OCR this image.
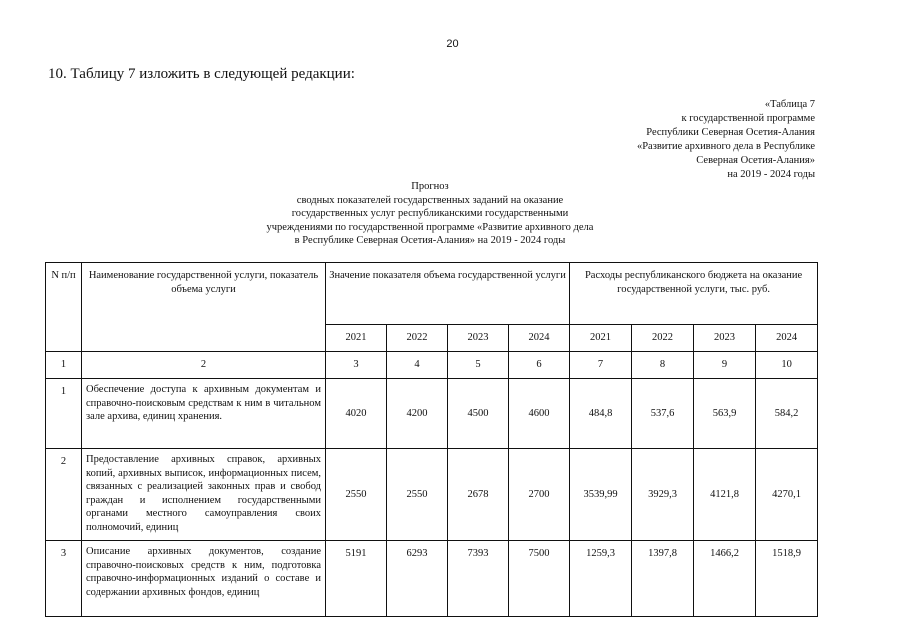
20
10. Таблицу 7 изложить в следующей редакции:
«Таблица 7
к государственной программе
Республики Северная Осетия-Алания
«Развитие архивного дела в Республике
Северная Осетия-Алания»
на 2019 - 2024 годы
Прогноз
сводных показателей государственных заданий на оказание
государственных услуг республиканскими государственными
учреждениями по государственной программе «Развитие архивного дела
в Республике Северная Осетия-Алания» на 2019 - 2024 годы
N п/п	Наименование государственной услуги, показатель объема услуги	Значение показателя объема государственной услуги				Расходы республиканского бюджета на оказание государственной услуги, тыс. руб.			
		2021	2022	2023	2024	2021	2022	2023	2024
1	2	3	4	5	6	7	8	9	10
1	Обеспечение доступа к архивным документам и справочно-поисковым средствам к ним в читальном зале архива, единиц хранения.	4020	4200	4500	4600	484,8	537,6	563,9	584,2
2	Предоставление архивных справок, архивных копий, архивных выписок, информационных писем, связанных с реализацией законных прав и свобод граждан и исполнением государственными органами местного самоуправления своих полномочий, единиц	2550	2550	2678	2700	3539,99	3929,3	4121,8	4270,1
3	Описание архивных документов, создание справочно-поисковых средств к ним, подготовка справочно-информационных изданий о составе и содержании архивных фондов, единиц	5191	6293	7393	7500	1259,3	1397,8	1466,2	1518,9
